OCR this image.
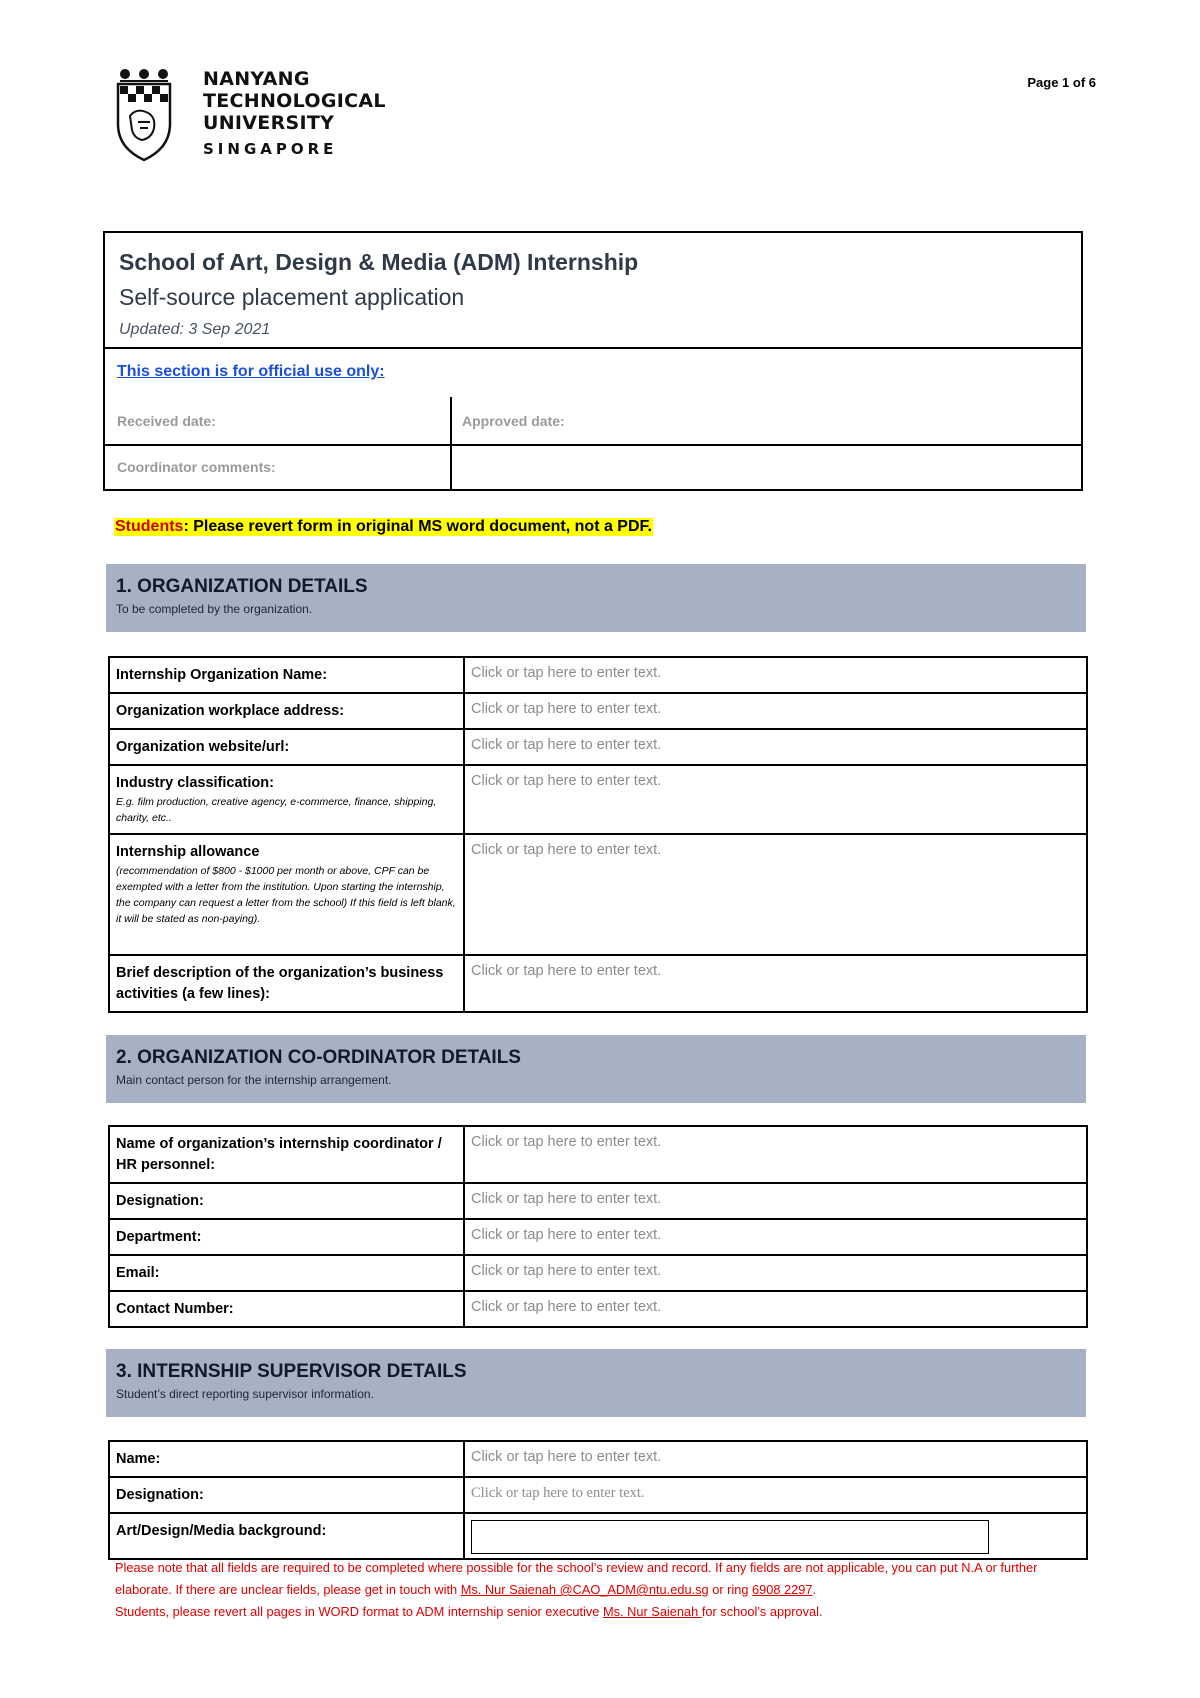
NANYANG
TECHNOLOGICAL
UNIVERSITY
SINGAPORE
Page 1 of 6
School of Art, Design & Media (ADM) Internship
Self-source placement application
Updated: 3 Sep 2021
This section is for official use only:
Received date:	Approved date:
Coordinator comments:
Students: Please revert form in original MS word document, not a PDF.
1. ORGANIZATION DETAILS
To be completed by the organization.
Internship Organization Name:	Click or tap here to enter text.
Organization workplace address:	Click or tap here to enter text.
Organization website/url:	Click or tap here to enter text.
Industry classification:
E.g. film production, creative agency, e-commerce, finance, shipping, charity, etc..	Click or tap here to enter text.
Internship allowance
(recommendation of $800 - $1000 per month or above, CPF can be exempted with a letter from the institution. Upon starting the internship, the company can request a letter from the school) If this field is left blank, it will be stated as non-paying).	Click or tap here to enter text.
Brief description of the organization’s business activities (a few lines):	Click or tap here to enter text.
2. ORGANIZATION CO-ORDINATOR DETAILS
Main contact person for the internship arrangement.
Name of organization’s internship coordinator / HR personnel:	Click or tap here to enter text.
Designation:	Click or tap here to enter text.
Department:	Click or tap here to enter text.
Email:	Click or tap here to enter text.
Contact Number:	Click or tap here to enter text.
3. INTERNSHIP SUPERVISOR DETAILS
Student’s direct reporting supervisor information.
Name:	Click or tap here to enter text.
Designation:	Click or tap here to enter text.
Art/Design/Media background:	
Please note that all fields are required to be completed where possible for the school’s review and record. If any fields are not applicable, you can put N.A or further elaborate. If there are unclear fields, please get in touch with Ms. Nur Saienah @CAO_ADM@ntu.edu.sg or ring 6908 2297.
Students, please revert all pages in WORD format to ADM internship senior executive Ms. Nur Saienah for school’s approval.
